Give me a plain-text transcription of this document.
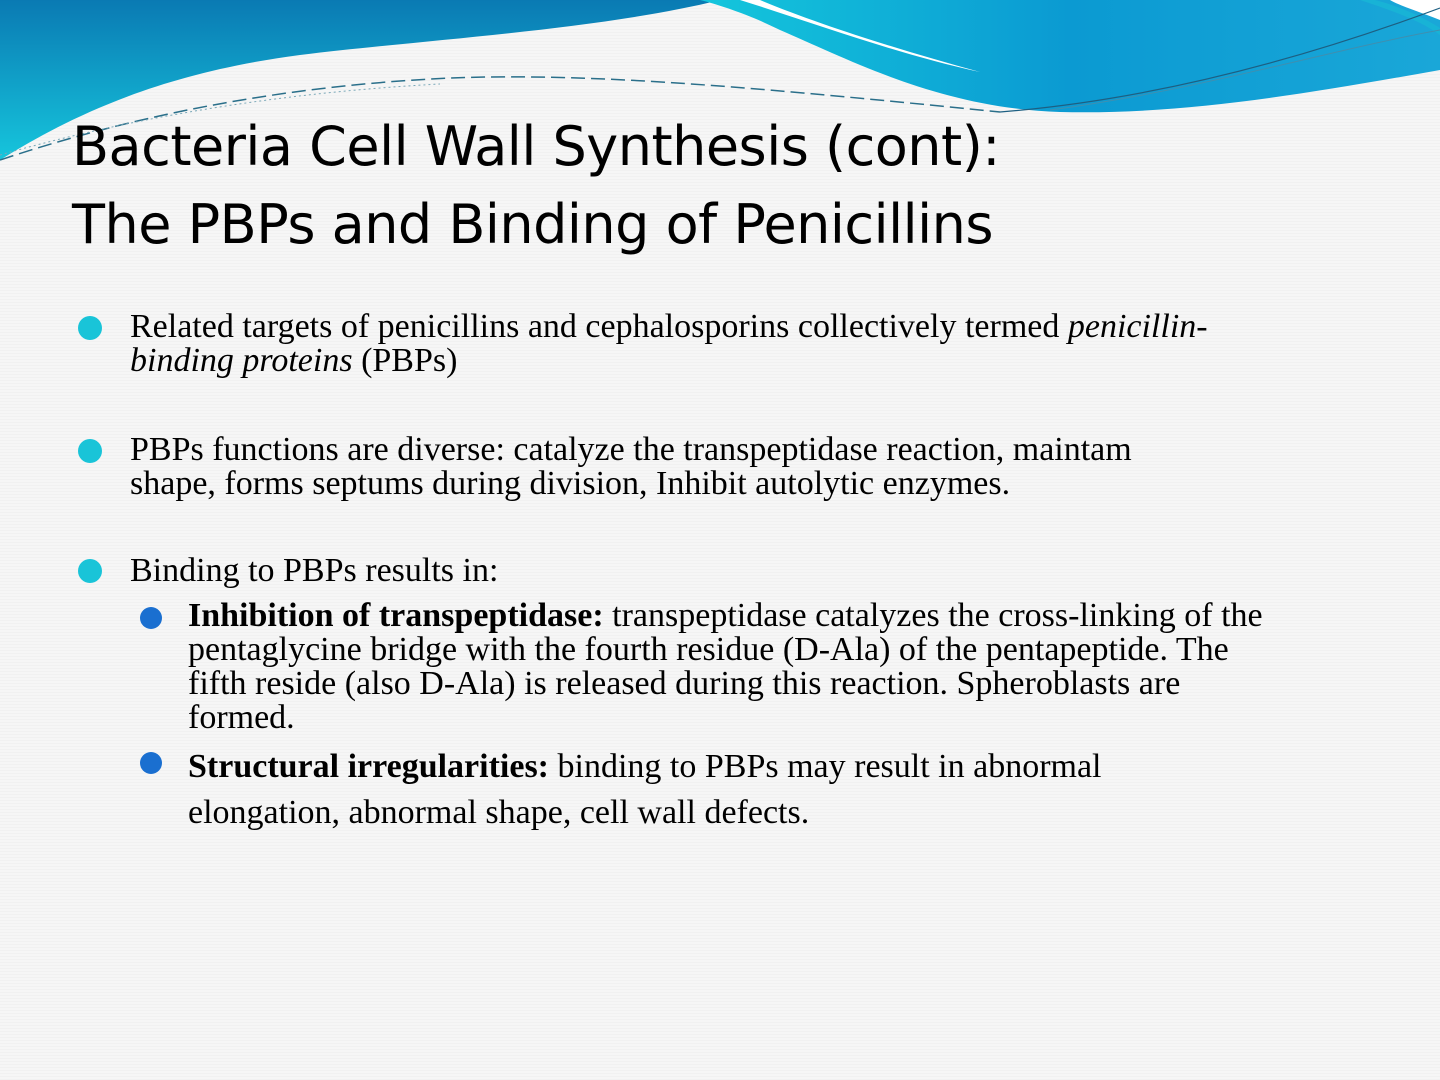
Bacteria Cell Wall Synthesis (cont):
The PBPs and Binding of Penicillins
Related targets of penicillins and cephalosporins collectively termed penicillin-
binding proteins (PBPs)
PBPs functions are diverse: catalyze the transpeptidase reaction, maintam
shape, forms septums during division, Inhibit autolytic enzymes.
Binding to PBPs results in:
Inhibition of transpeptidase: transpeptidase catalyzes the cross-linking of the
pentaglycine bridge with the fourth residue (D-Ala) of the pentapeptide. The
fifth reside (also D-Ala) is released during this reaction. Spheroblasts are
formed.
Structural irregularities: binding to PBPs may result in abnormal
elongation, abnormal shape, cell wall defects.
